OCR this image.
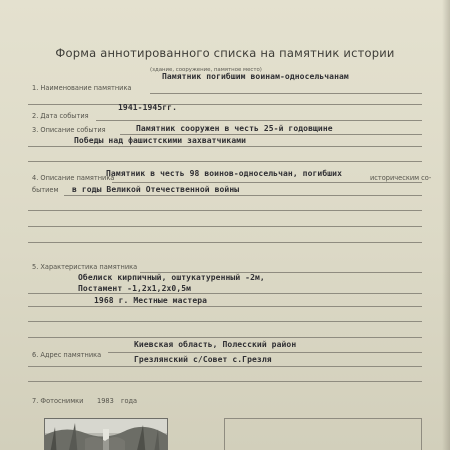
Форма аннотированного списка на памятник истории
(здание, сооружение, памятное место)
1. Наименование памятника
Памятник погибшим воинам-односельчанам
2. Дата события
1941-1945гг.
3. Описание события	Памятник сооружен в честь 25-й годовщине
Победы над фашистскими захватчиками
4. Описание памятника	историческим со-
бытием
Памятник в честь 98 воинов-односельчан, погибших
в годы Великой Отечественной войны
5. Характеристика памятника
Обелиск кирпичный, оштукатуренный -2м,
Постамент -1,2х1,2х0,5м
1968 г. Местные мастера
6. Адрес памятника
Киевская область, Полесский район
Грезлянский с/Совет с.Грезля
7. Фотоснимки 1983 года
